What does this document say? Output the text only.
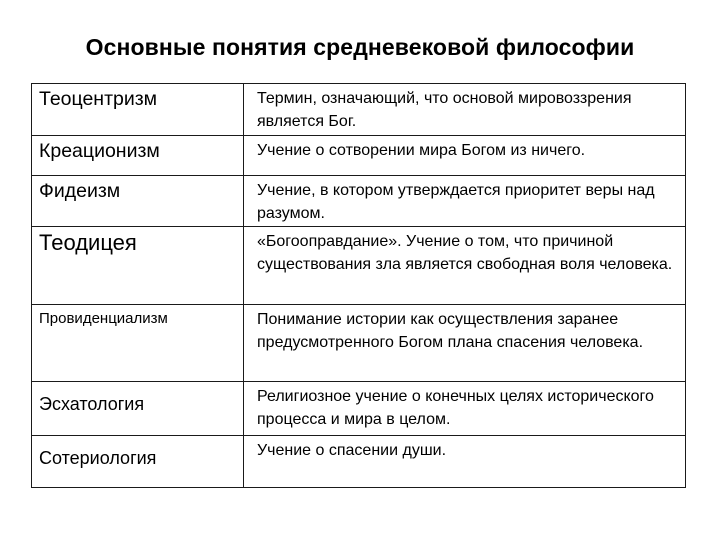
Основные понятия средневековой философии
Теоцентризм	Термин, означающий, что основой мировоззрения является Бог.
Креационизм	Учение о сотворении мира Богом из ничего.
Фидеизм	Учение, в котором утверждается приоритет веры над разумом.
Теодицея	«Богооправдание». Учение о том, что причиной существования зла является свободная воля человека.
Провиденциализм	Понимание истории как осуществления заранее предусмотренного Богом плана спасения человека.
Эсхатология	Религиозное учение о конечных целях исторического процесса и мира в целом.
Сотериология	Учение о спасении души.
